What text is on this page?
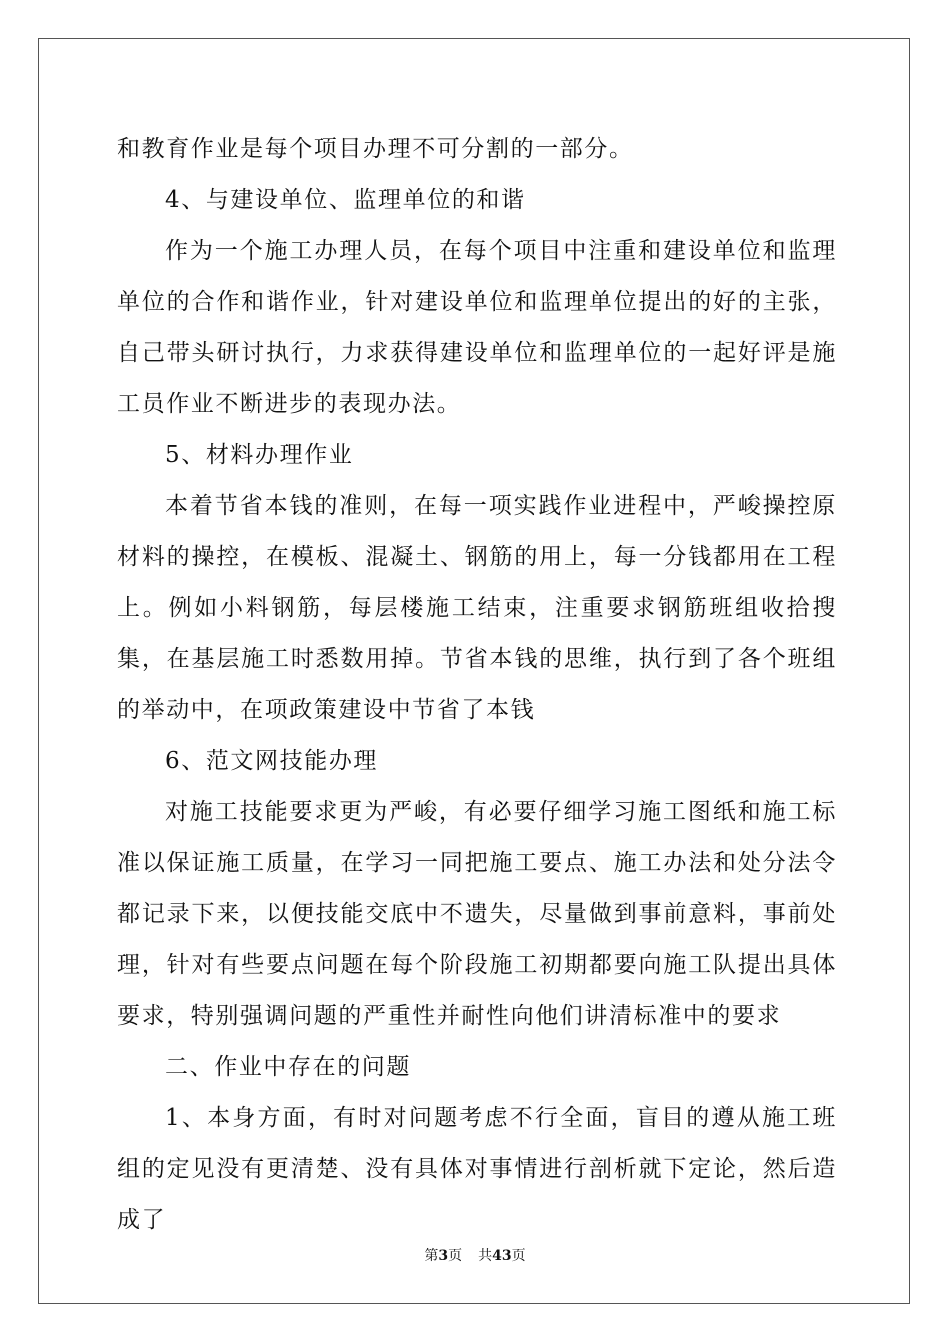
和教育作业是每个项目办理不可分割的一部分。

4、与建设单位、监理单位的和谐

作为一个施工办理人员，在每个项目中注重和建设单位和监理单位的合作和谐作业，针对建设单位和监理单位提出的好的主张，自己带头研讨执行，力求获得建设单位和监理单位的一起好评是施工员作业不断进步的表现办法。

5、材料办理作业

本着节省本钱的准则，在每一项实践作业进程中，严峻操控原材料的操控，在模板、混凝土、钢筋的用上，每一分钱都用在工程上。例如小料钢筋，每层楼施工结束，注重要求钢筋班组收拾搜集，在基层施工时悉数用掉。节省本钱的思维，执行到了各个班组的举动中，在项政策建设中节省了本钱

6、范文网技能办理

对施工技能要求更为严峻，有必要仔细学习施工图纸和施工标准以保证施工质量，在学习一同把施工要点、施工办法和处分法令都记录下来，以便技能交底中不遗失，尽量做到事前意料，事前处理，针对有些要点问题在每个阶段施工初期都要向施工队提出具体要求，特别强调问题的严重性并耐性向他们讲清标准中的要求

二、作业中存在的问题

1、本身方面，有时对问题考虑不行全面，盲目的遵从施工班组的定见没有更清楚、没有具体对事情进行剖析就下定论，然后造成了

第3页 共43页
